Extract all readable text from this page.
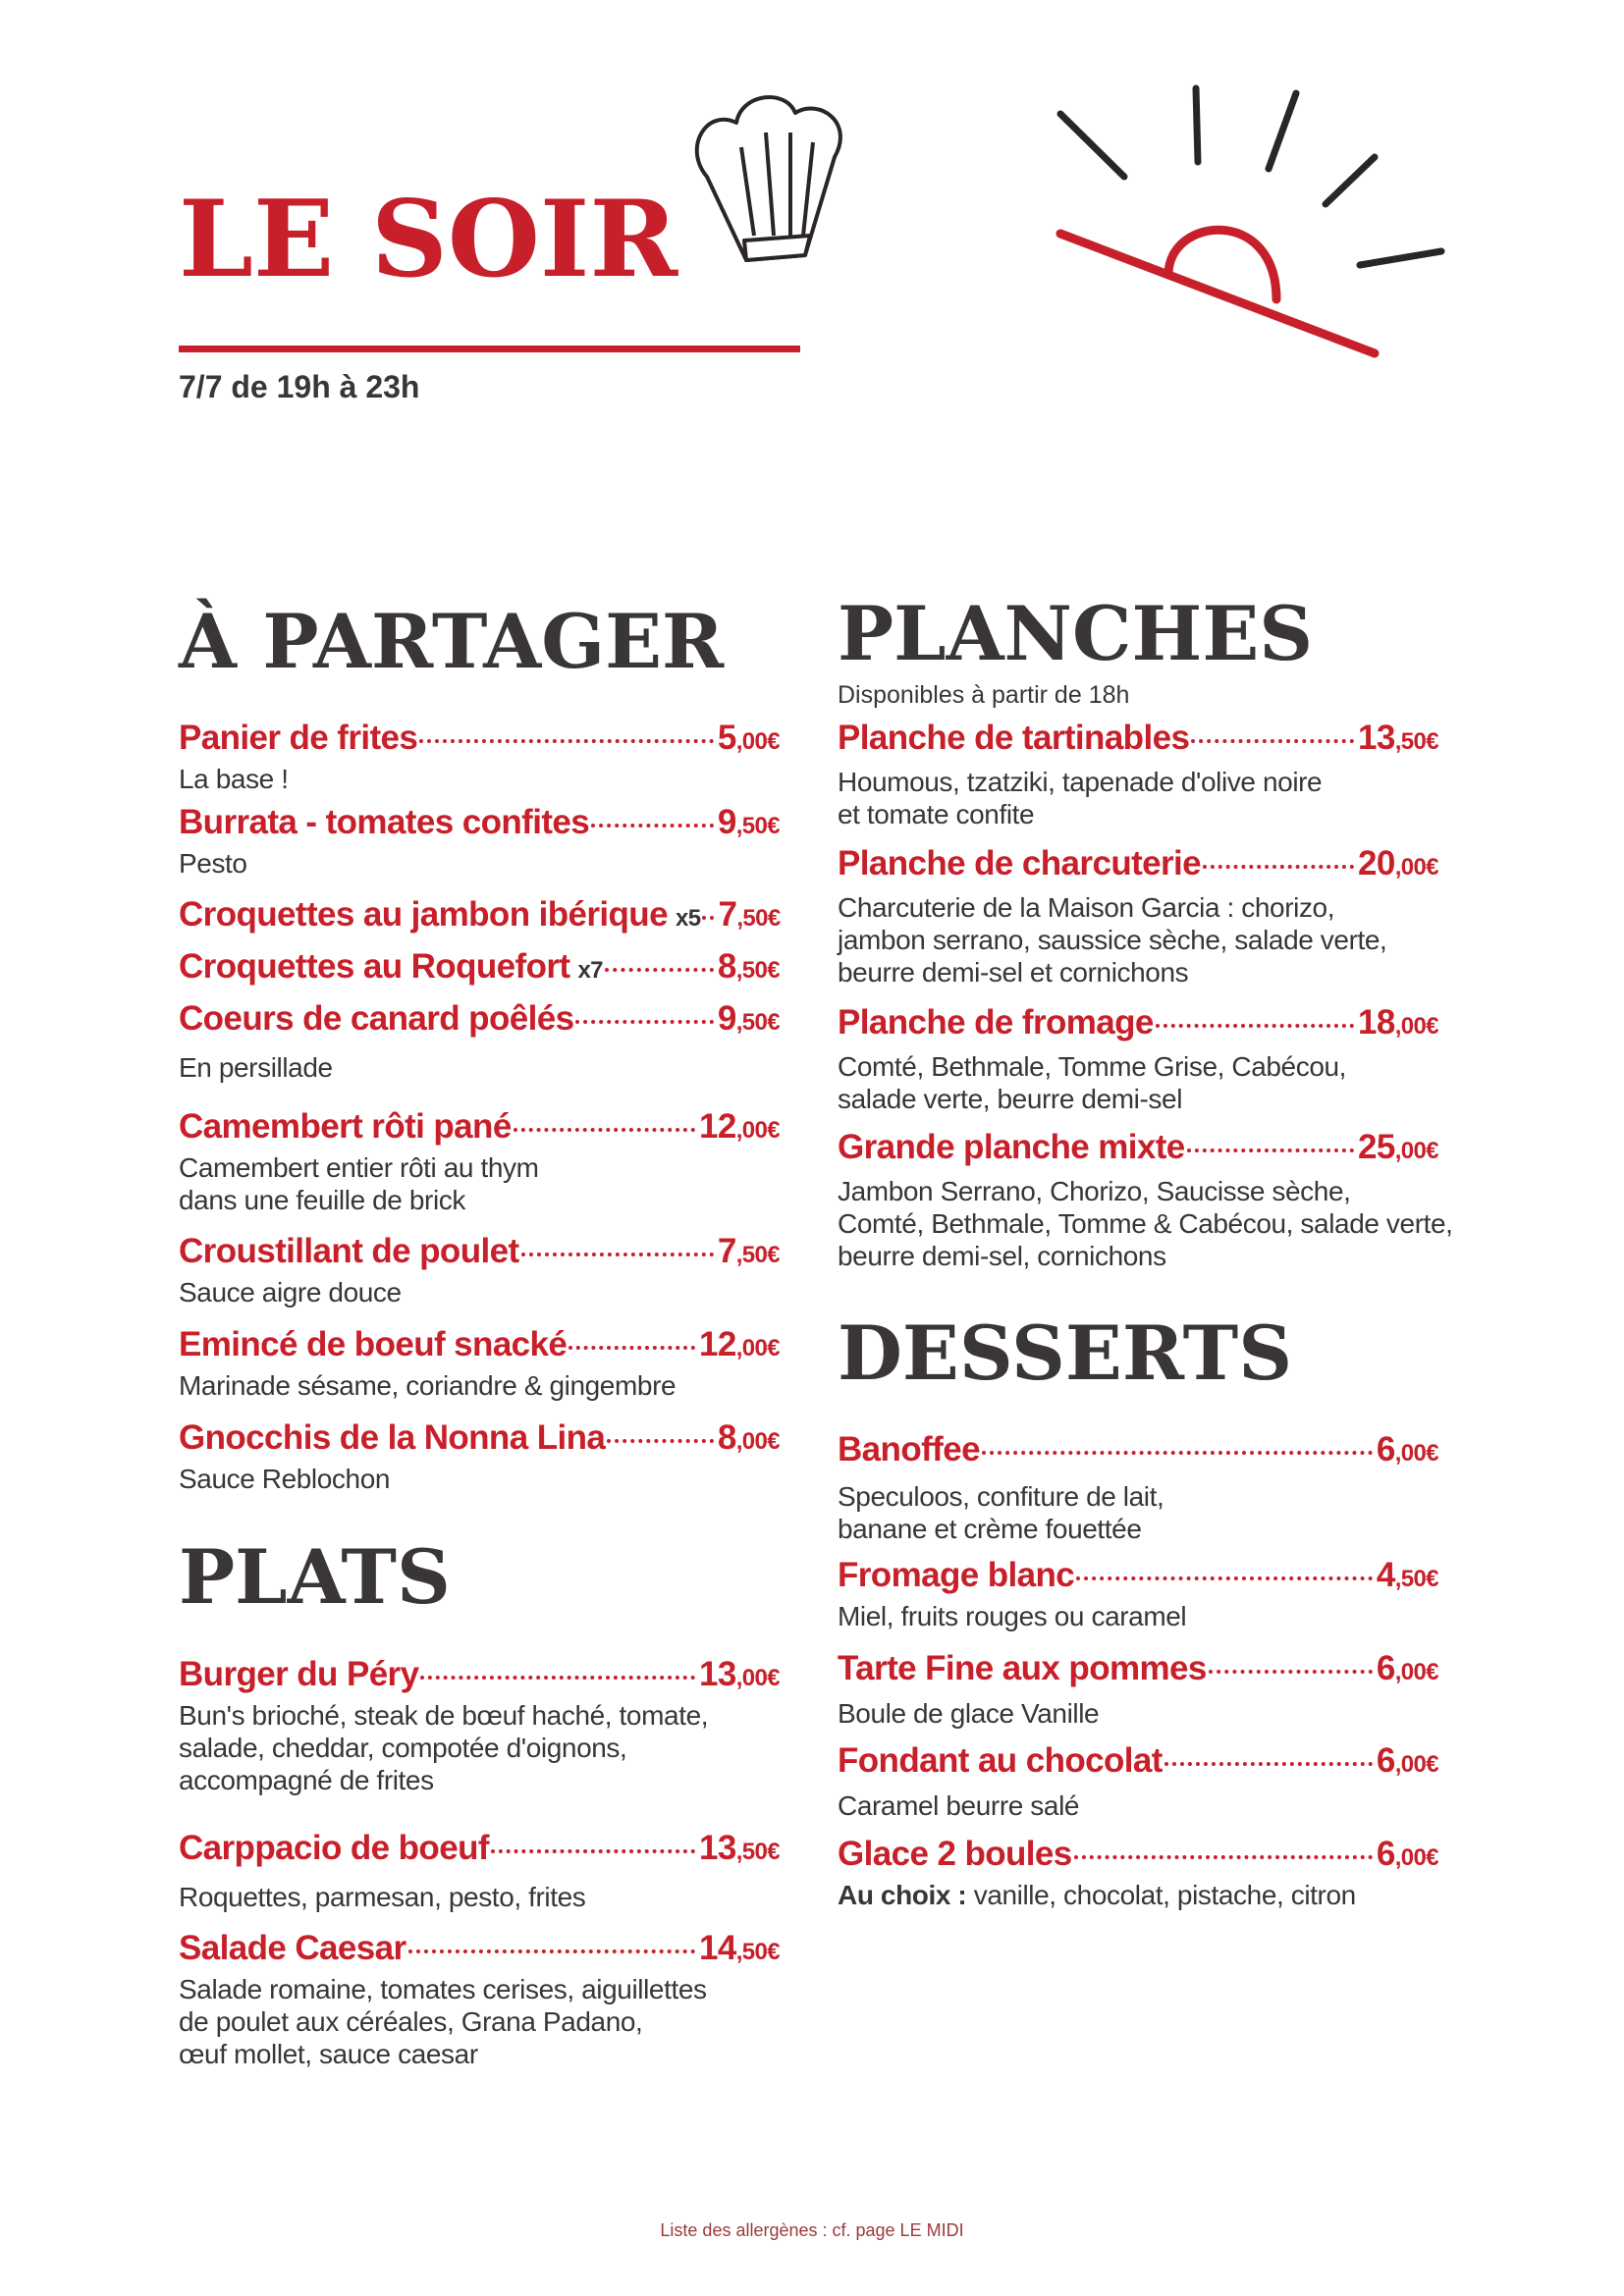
LE SOIR
7/7 de 19h à 23h
À PARTAGER
PLATS
PLANCHES
Disponibles à partir de 18h
DESSERTS
Panier de frites	5,00€
La base !
Burrata - tomates confites	9,50€
Pesto
Croquettes au jambon ibérique x5 7,50€
Croquettes au Roquefort x7	8,50€
Coeurs de canard poêlés	9,50€
En persillade
Camembert rôti pané	12,00€
Camembert entier rôti au thym
dans une feuille de brick
Croustillant de poulet	7,50€
Sauce aigre douce
Emincé de boeuf snacké	12,00€
Marinade sésame, coriandre & gingembre
Gnocchis de la Nonna Lina	8,00€
Sauce Reblochon
Burger du Péry	13,00€
Bun's brioché, steak de bœuf haché, tomate,
salade, cheddar, compotée d'oignons,
accompagné de frites
Carppacio de boeuf	13,50€
Roquettes, parmesan, pesto, frites
Salade Caesar	14,50€
Salade romaine, tomates cerises, aiguillettes
de poulet aux céréales, Grana Padano,
œuf mollet, sauce caesar
Planche de tartinables	13,50€
Houmous, tzatziki, tapenade d'olive noire
et tomate confite
Planche de charcuterie	20,00€
Charcuterie de la Maison Garcia : chorizo,
jambon serrano, saussice sèche, salade verte,
beurre demi-sel et cornichons
Planche de fromage	18,00€
Comté, Bethmale, Tomme Grise, Cabécou,
salade verte, beurre demi-sel
Grande planche mixte	25,00€
Jambon Serrano, Chorizo, Saucisse sèche,
Comté, Bethmale, Tomme & Cabécou, salade verte,
beurre demi-sel, cornichons
Banoffee	6,00€
Speculoos, confiture de lait,
banane et crème fouettée
Fromage blanc	4,50€
Miel, fruits rouges ou caramel
Tarte Fine aux pommes	6,00€
Boule de glace Vanille
Fondant au chocolat	6,00€
Caramel beurre salé
Glace 2 boules	6,00€
Au choix : vanille, chocolat, pistache, citron
Liste des allergènes : cf. page LE MIDI
